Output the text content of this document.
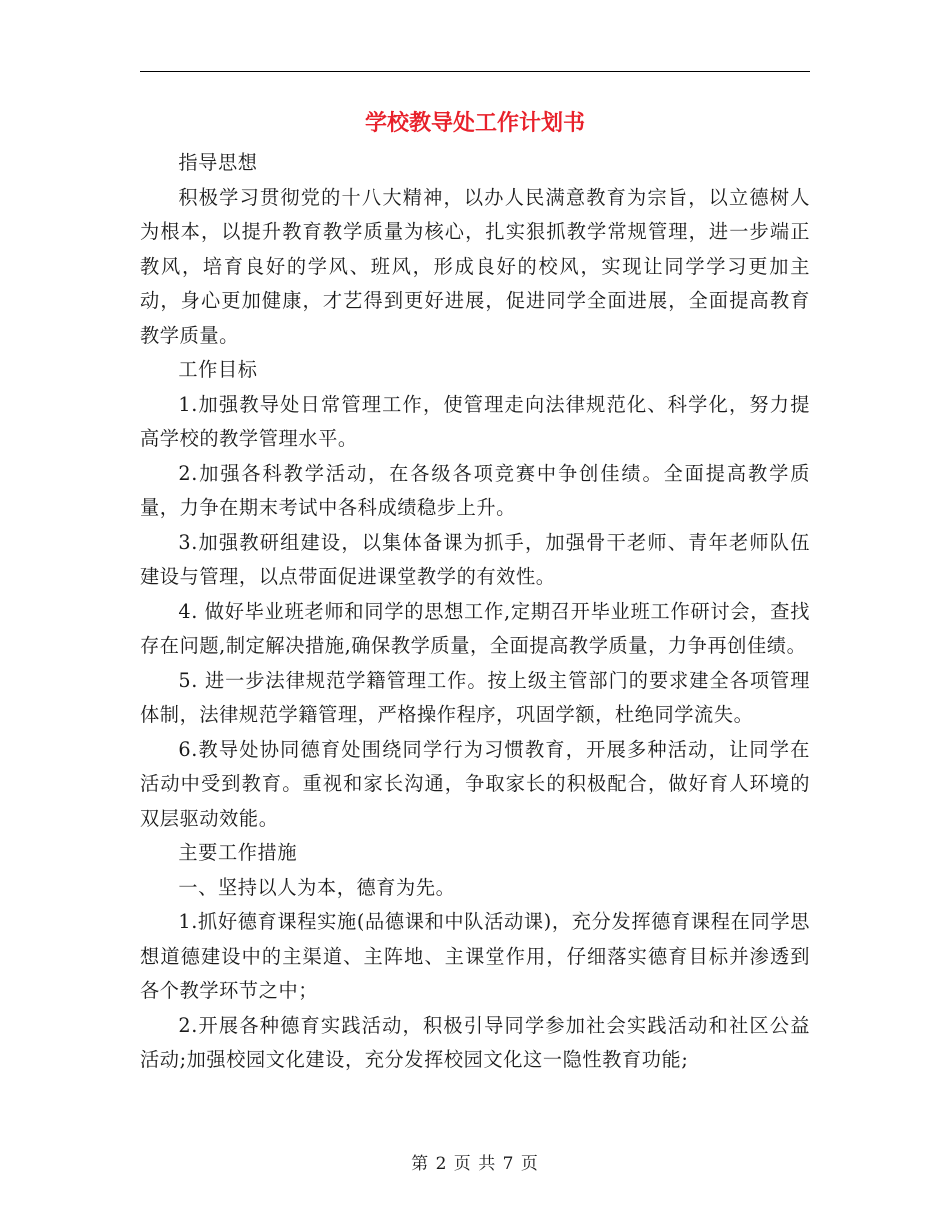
学校教导处工作计划书

指导思想

积极学习贯彻党的十八大精神，以办人民满意教育为宗旨，以立德树人为根本，以提升教育教学质量为核心，扎实狠抓教学常规管理，进一步端正教风，培育良好的学风、班风，形成良好的校风，实现让同学学习更加主动，身心更加健康，才艺得到更好进展，促进同学全面进展，全面提高教育教学质量。

工作目标

1.加强教导处日常管理工作，使管理走向法律规范化、科学化，努力提高学校的教学管理水平。

2.加强各科教学活动，在各级各项竞赛中争创佳绩。全面提高教学质量，力争在期末考试中各科成绩稳步上升。

3.加强教研组建设，以集体备课为抓手，加强骨干老师、青年老师队伍建设与管理，以点带面促进课堂教学的有效性。

4. 做好毕业班老师和同学的思想工作,定期召开毕业班工作研讨会，查找存在问题,制定解决措施,确保教学质量，全面提高教学质量，力争再创佳绩。

5. 进一步法律规范学籍管理工作。按上级主管部门的要求建全各项管理体制，法律规范学籍管理，严格操作程序，巩固学额，杜绝同学流失。

6.教导处协同德育处围绕同学行为习惯教育，开展多种活动，让同学在活动中受到教育。重视和家长沟通，争取家长的积极配合，做好育人环境的双层驱动效能。

主要工作措施

一、坚持以人为本，德育为先。

1.抓好德育课程实施(品德课和中队活动课)，充分发挥德育课程在同学思想道德建设中的主渠道、主阵地、主课堂作用，仔细落实德育目标并渗透到各个教学环节之中；

2.开展各种德育实践活动，积极引导同学参加社会实践活动和社区公益活动;加强校园文化建设，充分发挥校园文化这一隐性教育功能;

第 2 页 共 7 页
